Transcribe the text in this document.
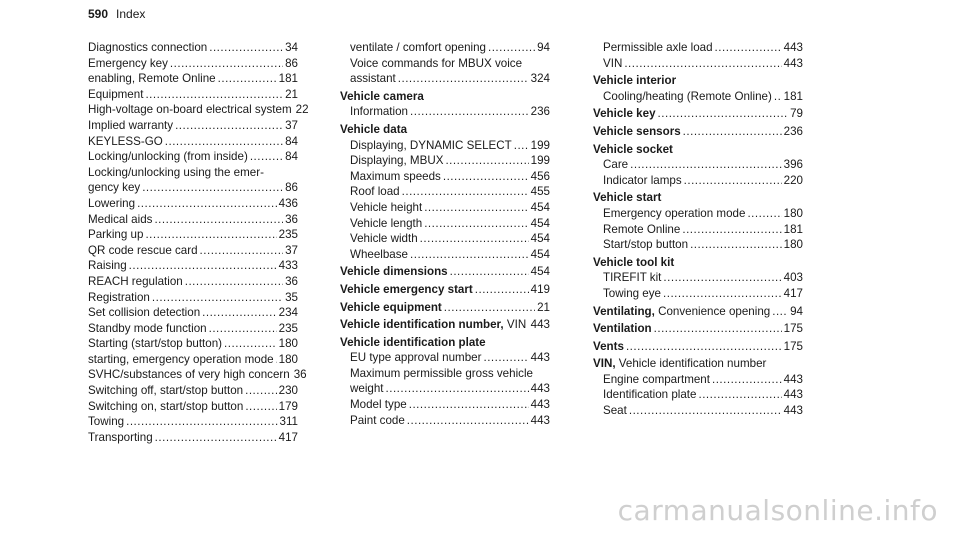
590 Index
Diagnostics connection .....	34
Emergency key .....	86
enabling, Remote Online .....	181
Equipment .....	21
High-voltage on-board electrical system 22
Implied warranty .....	37
KEYLESS-GO .....	84
Locking/unlocking (from inside) .....	84
Locking/unlocking using the emer-
gency key .....	86
Lowering .....	436
Medical aids .....	36
Parking up .....	235
QR code rescue card .....	37
Raising .....	433
REACH regulation .....	36
Registration .....	35
Set collision detection .....	234
Standby mode function .....	235
Starting (start/stop button) .....	180
starting, emergency operation mode ..... 180
SVHC/substances of very high concern 36
Switching off, start/stop button .....	230
Switching on, start/stop button .....	179
Towing .....	311
Transporting .....	417
ventilate / comfort opening .....	94
Voice commands for MBUX voice
assistant .....	324
Vehicle camera
Information .....	236
Vehicle data
Displaying, DYNAMIC SELECT ..... 199
Displaying, MBUX .....	199
Maximum speeds .....	456
Roof load .....	455
Vehicle height .....	454
Vehicle length .....	454
Vehicle width .....	454
Wheelbase .....	454
Vehicle dimensions .....	454
Vehicle emergency start .....	419
Vehicle equipment .....	21
Vehicle identification number, VIN ..... 443
Vehicle identification plate
EU type approval number .....	443
Maximum permissible gross vehicle
weight .....	443
Model type .....	443
Paint code .....	443
Permissible axle load .....	443
VIN .....	443
Vehicle interior
Cooling/heating (Remote Online) ..... 181
Vehicle key .....	79
Vehicle sensors .....	236
Vehicle socket
Care .....	396
Indicator lamps .....	220
Vehicle start
Emergency operation mode .....	180
Remote Online .....	181
Start/stop button .....	180
Vehicle tool kit
TIREFIT kit .....	403
Towing eye .....	417
Ventilating, Convenience opening ..... 94
Ventilation .....	175
Vents .....	175
VIN, Vehicle identification number
Engine compartment .....	443
Identification plate .....	443
Seat .....	443
carmanualsonline.info
